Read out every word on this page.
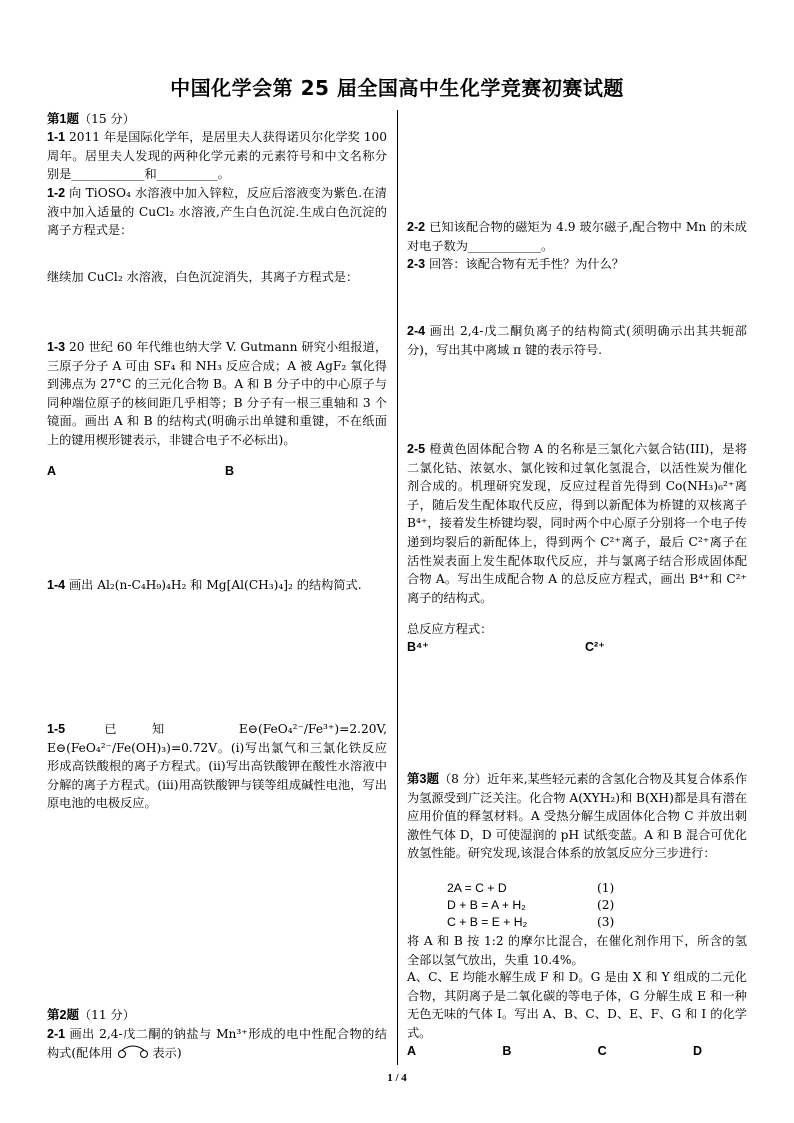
中国化学会第 25 届全国高中生化学竞赛初赛试题
第1题（15 分）
1-1 2011 年是国际化学年，是居里夫人获得诺贝尔化学奖 100 周年。居里夫人发现的两种化学元素的元素符号和中文名称分别是____________和__________。
1-2 向 TiOSO₄ 水溶液中加入锌粒，反应后溶液变为紫色.在清液中加入适量的 CuCl₂ 水溶液,产生白色沉淀.生成白色沉淀的离子方程式是：
继续加 CuCl₂ 水溶液，白色沉淀消失，其离子方程式是：
1-3 20 世纪 60 年代维也纳大学 V. Gutmann 研究小组报道，三原子分子 A 可由 SF₄ 和 NH₃ 反应合成；A 被 AgF₂ 氧化得到沸点为 27°C 的三元化合物 B。A 和 B 分子中的中心原子与同种端位原子的核间距几乎相等；B 分子有一根三重轴和 3 个镜面。画出 A 和 B 的结构式(明确示出单键和重键，不在纸面上的键用楔形键表示，非键合电子不必标出)。
A	B
1-4 画出 Al₂(n-C₄H₉)₄H₂ 和 Mg[Al(CH₃)₄]₂ 的结构简式.
1-5	已知 E⊖(FeO₄²⁻/Fe³⁺)=2.20V, E⊖(FeO₄²⁻/Fe(OH)₃)=0.72V。(i)写出氯气和三氯化铁反应形成高铁酸根的离子方程式。(ii)写出高铁酸钾在酸性水溶液中分解的离子方程式。(iii)用高铁酸钾与镁等组成碱性电池，写出原电池的电极反应。
第2题（11 分）
2-1 画出 2,4-戊二酮的钠盐与 Mn³⁺形成的电中性配合物的结构式(配体用	表示)
2-2 已知该配合物的磁矩为 4.9 玻尔磁子,配合物中 Mn 的未成对电子数为____________。
2-3 回答：该配合物有无手性？为什么？
2-4 画出 2,4-戊二酮负离子的结构简式(须明确示出其共轭部分)，写出其中离域 π 键的表示符号.
2-5 橙黄色固体配合物 A 的名称是三氯化六氨合钴(III)，是将二氯化钴、浓氨水、氯化铵和过氧化氢混合，以活性炭为催化剂合成的。机理研究发现，反应过程首先得到 Co(NH₃)₆²⁺离子，随后发生配体取代反应，得到以新配体为桥键的双核离子 B⁴⁺，接着发生桥键均裂，同时两个中心原子分别将一个电子传递到均裂后的新配体上，得到两个 C²⁺离子，最后 C²⁺离子在活性炭表面上发生配体取代反应，并与氯离子结合形成固体配合物 A。写出生成配合物 A 的总反应方程式，画出 B⁴⁺和 C²⁺离子的结构式。
总反应方程式：
B⁴⁺	C²⁺
第3题（8 分）近年来,某些轻元素的含氢化合物及其复合体系作为氢源受到广泛关注。化合物 A(XYH₂)和 B(XH)都是具有潜在应用价值的释氢材料。A 受热分解生成固体化合物 C 并放出刺激性气体 D，D 可使湿润的 pH 试纸变蓝。A 和 B 混合可优化放氢性能。研究发现,该混合体系的放氢反应分三步进行：
2A = C + D	(1)
D + B = A + H₂	(2)
C + B = E + H₂	(3)
将 A 和 B 按 1:2 的摩尔比混合，在催化剂作用下，所含的氢全部以氢气放出，失重 10.4%。
A、C、E 均能水解生成 F 和 D。G 是由 X 和 Y 组成的二元化合物，其阴离子是二氧化碳的等电子体，G 分解生成 E 和一种无色无味的气体 I。写出 A、B、C、D、E、F、G 和 I 的化学式。
A	B	C	D
1 / 4
